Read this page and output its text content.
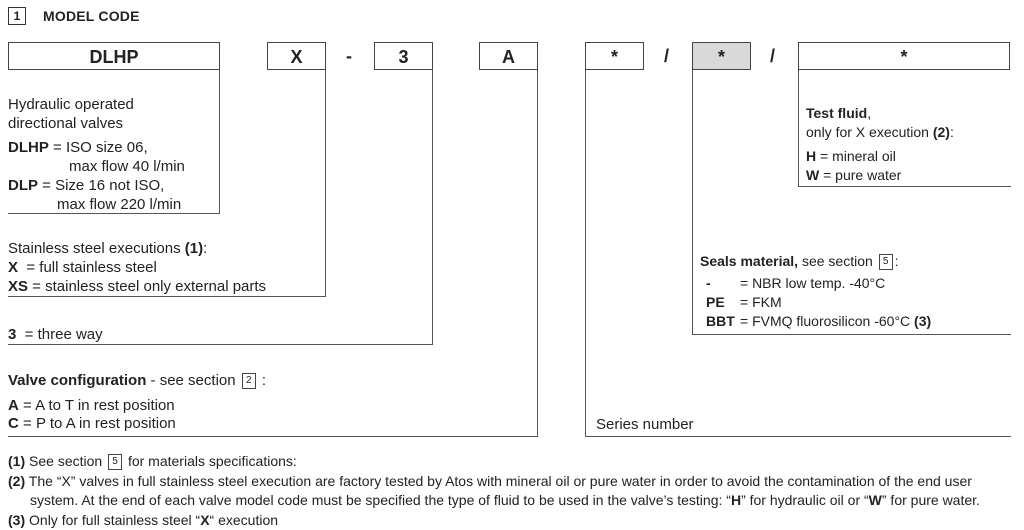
1	MODEL CODE
DLHP	X	-	3	A	*	/	*	/	*
Hydraulic operated
directional valves
DLHP = ISO size 06,
max flow 40 l/min
DLP = Size 16 not ISO,
max flow 220 l/min
Stainless steel executions (1):
X  = full stainless steel
XS = stainless steel only external parts
3  = three way
Valve configuration - see section 2 :
A = A to T in rest position
C = P to A in rest position	Series number
Seals material, see section 5 :
- = NBR low temp. -40°C
PE = FKM
BBT = FVMQ fluorosilicon -60°C (3)
Test fluid,
only for X execution (2):
H = mineral oil
W = pure water
(1) See section 5 for materials specifications:
(2) The “X” valves in full stainless steel execution are factory tested by Atos with mineral oil or pure water in order to avoid the contamination of the end user
system. At the end of each valve model code must be specified the type of fluid to be used in the valve’s testing: “H” for hydraulic oil or “W” for pure water.
(3) Only for full stainless steel “X“ execution
